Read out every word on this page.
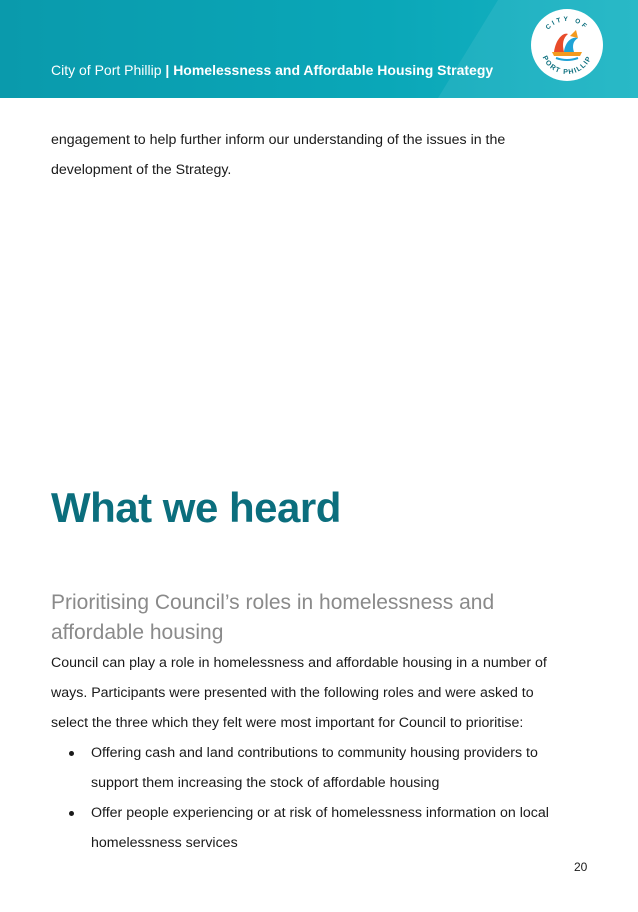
City of Port Phillip | Homelessness and Affordable Housing Strategy
CITY OF
PORT PHILLIP

engagement to help further inform our understanding of the issues in the
development of the Strategy.

What we heard
Prioritising Council’s roles in homelessness and
affordable housing

Council can play a role in homelessness and affordable housing in a number of
ways. Participants were presented with the following roles and were asked to
select the three which they felt were most important for Council to prioritise:

Offering cash and land contributions to community housing providers to
support them increasing the stock of affordable housing
Offer people experiencing or at risk of homelessness information on local
homelessness services
20
